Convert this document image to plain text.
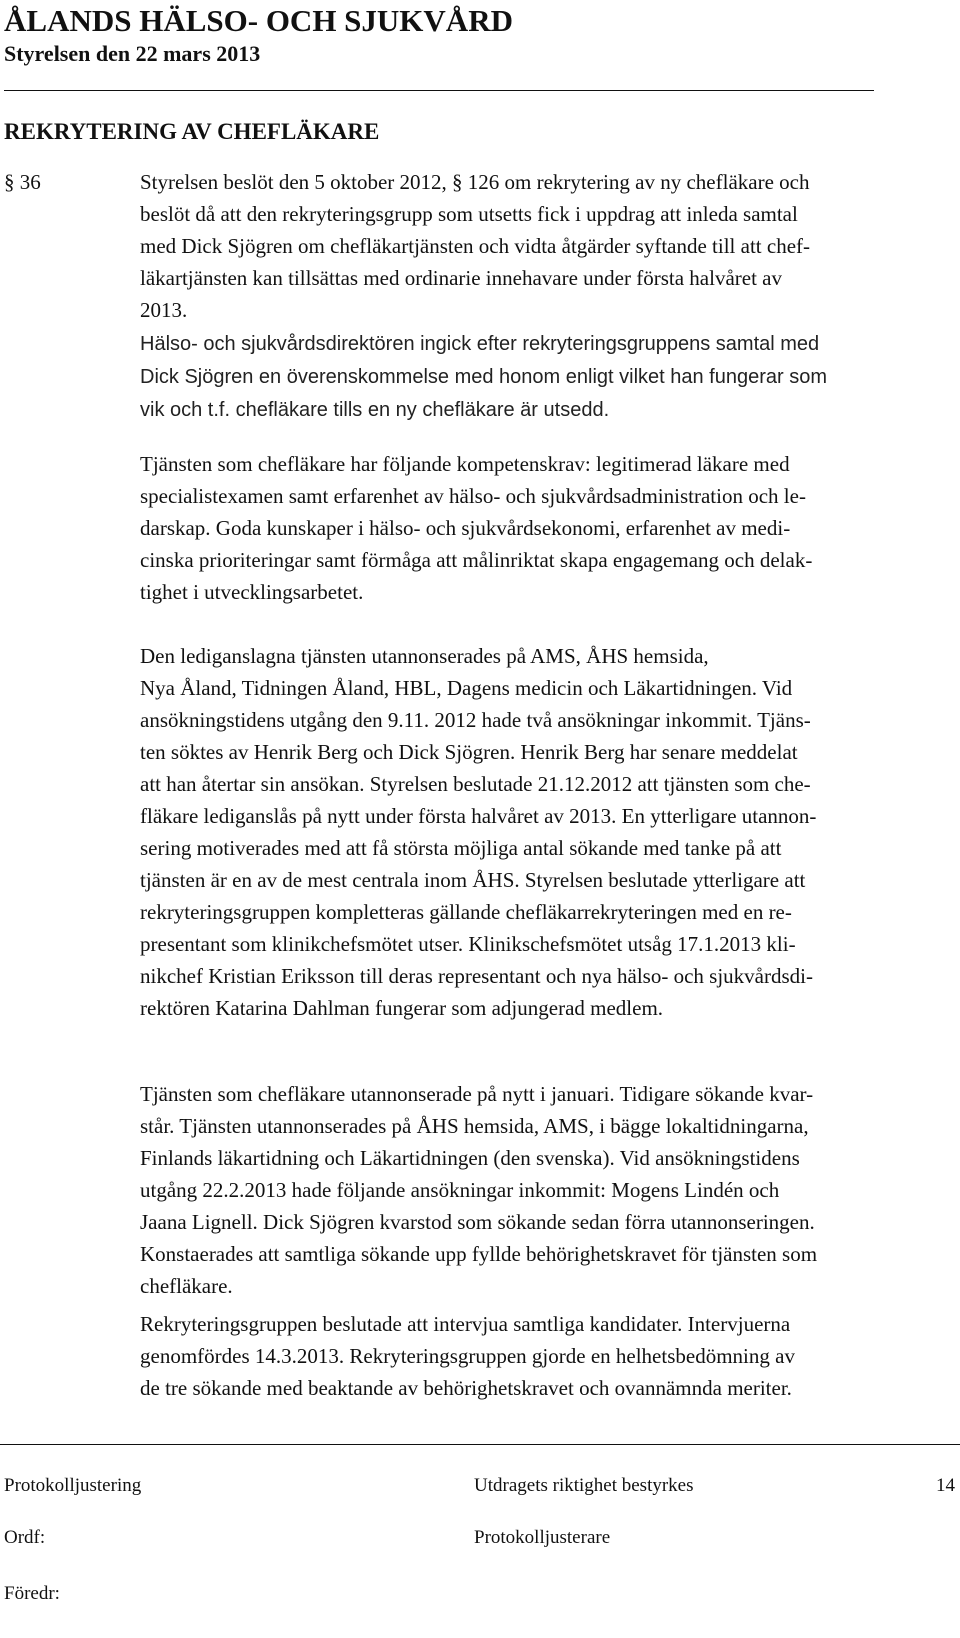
ÅLANDS HÄLSO- OCH SJUKVÅRD
Styrelsen den 22 mars 2013
REKRYTERING AV CHEFLÄKARE
§ 36	Styrelsen beslöt den 5 oktober 2012, § 126 om rekrytering av ny chefläkare och
beslöt då att den rekryteringsgrupp som utsetts fick i uppdrag att inleda samtal
med Dick Sjögren om chefläkartjänsten och vidta åtgärder syftande till att chef-
läkartjänsten kan tillsättas med ordinarie innehavare under första halvåret av
2013.

Hälso- och sjukvårdsdirektören ingick efter rekryteringsgruppens samtal med
Dick Sjögren en överenskommelse med honom enligt vilket han fungerar som
vik och t.f. chefläkare tills en ny chefläkare är utsedd.

Tjänsten som chefläkare har följande kompetenskrav: legitimerad läkare med
specialistexamen samt erfarenhet av hälso- och sjukvårdsadministration och le-
darskap. Goda kunskaper i hälso- och sjukvårdsekonomi, erfarenhet av medi-
cinska prioriteringar samt förmåga att målinriktat skapa engagemang och delak-
tighet i utvecklingsarbetet.

Den lediganslagna tjänsten utannonserades på AMS, ÅHS hemsida,
Nya Åland, Tidningen Åland, HBL, Dagens medicin och Läkartidningen. Vid
ansökningstidens utgång den 9.11. 2012 hade två ansökningar inkommit. Tjäns-
ten söktes av Henrik Berg och Dick Sjögren. Henrik Berg har senare meddelat
att han återtar sin ansökan. Styrelsen beslutade 21.12.2012 att tjänsten som che-
fläkare lediganslås på nytt under första halvåret av 2013. En ytterligare utannon-
sering motiverades med att få största möjliga antal sökande med tanke på att
tjänsten är en av de mest centrala inom ÅHS. Styrelsen beslutade ytterligare att
rekryteringsgruppen kompletteras gällande chefläkarrekryteringen med en re-
presentant som klinikchefsmötet utser. Klinikschefsmötet utsåg 17.1.2013 kli-
nikchef Kristian Eriksson till deras representant och nya hälso- och sjukvårdsdi-
rektören Katarina Dahlman fungerar som adjungerad medlem.

Tjänsten som chefläkare utannonserade på nytt i januari. Tidigare sökande kvar-
står. Tjänsten utannonserades på ÅHS hemsida, AMS, i bägge lokaltidningarna,
Finlands läkartidning och Läkartidningen (den svenska). Vid ansökningstidens
utgång 22.2.2013 hade följande ansökningar inkommit: Mogens Lindén och
Jaana Lignell. Dick Sjögren kvarstod som sökande sedan förra utannonseringen.
Konstaerades att samtliga sökande upp fyllde behörighetskravet för tjänsten som
chefläkare.

Rekryteringsgruppen beslutade att intervjua samtliga kandidater. Intervjuerna
genomfördes 14.3.2013. Rekryteringsgruppen gjorde en helhetsbedömning av
de tre sökande med beaktande av behörighetskravet och ovannämnda meriter.

Protokolljustering	Utdragets riktighet bestyrkes	14
Ordf:	Protokolljusterare
Föredr:
